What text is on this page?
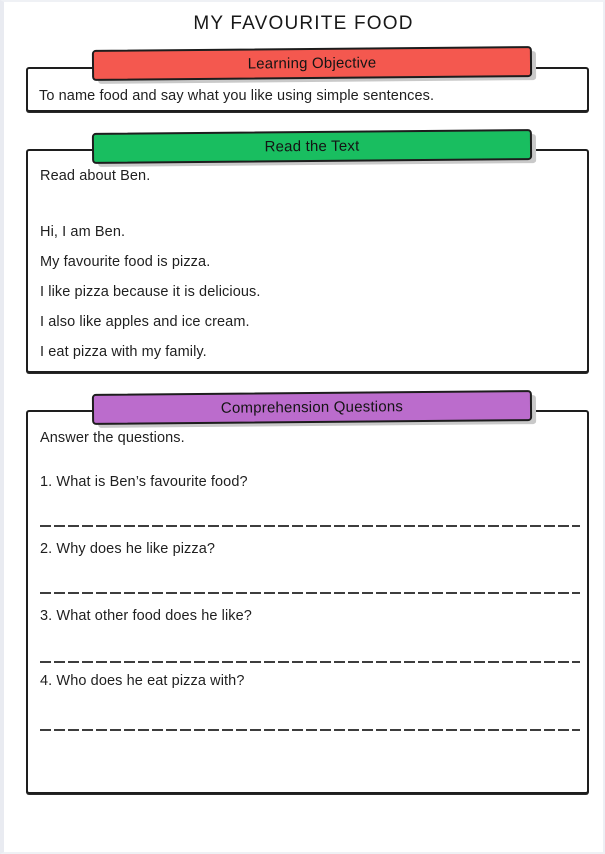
MY FAVOURITE FOOD
Learning Objective
To name food and say what you like using simple sentences.
Read the Text
Read about Ben.
Hi, I am Ben.
My favourite food is pizza.
I like pizza because it is delicious.
I also like apples and ice cream.
I eat pizza with my family.
Comprehension Questions
Answer the questions.
1. What is Ben’s favourite food?
2. Why does he like pizza?
3. What other food does he like?
4. Who does he eat pizza with?
